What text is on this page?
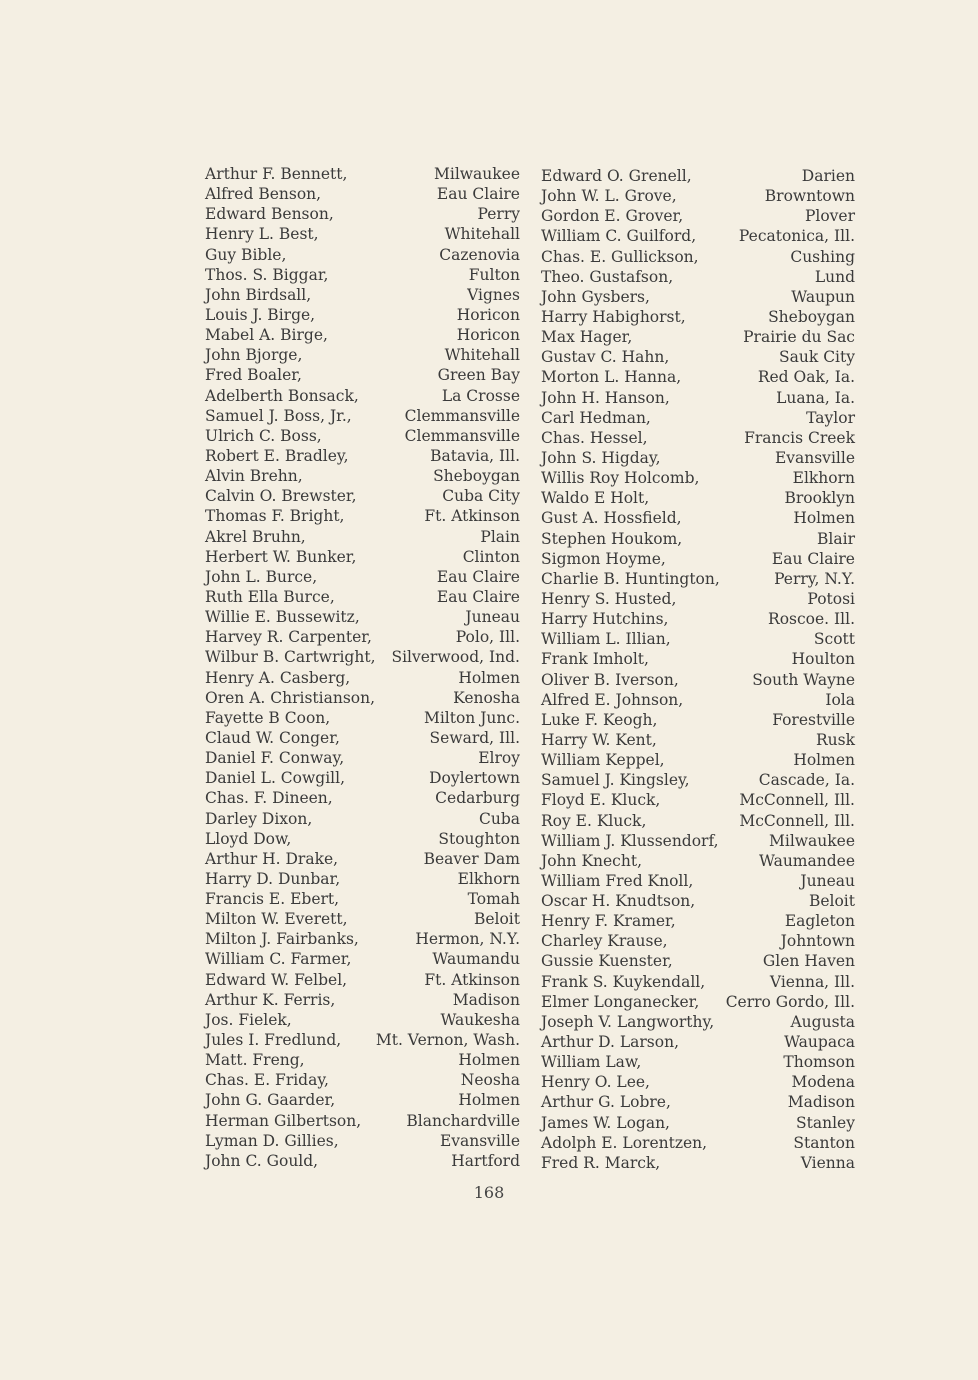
Arthur F. Bennett,	Milwaukee
Alfred Benson,	Eau Claire
Edward Benson,	Perry
Henry L. Best,	Whitehall
Guy Bible,	Cazenovia
Thos. S. Biggar,	Fulton
John Birdsall,	Vignes
Louis J. Birge,	Horicon
Mabel A. Birge,	Horicon
John Bjorge,	Whitehall
Fred Boaler,	Green Bay
Adelberth Bonsack,	La Crosse
Samuel J. Boss, Jr.,	Clemmansville
Ulrich C. Boss,	Clemmansville
Robert E. Bradley,	Batavia, Ill.
Alvin Brehn,	Sheboygan
Calvin O. Brewster,	Cuba City
Thomas F. Bright,	Ft. Atkinson
Akrel Bruhn,	Plain
Herbert W. Bunker,	Clinton
John L. Burce,	Eau Claire
Ruth Ella Burce,	Eau Claire
Willie E. Bussewitz,	Juneau
Harvey R. Carpenter,	Polo, Ill.
Wilbur B. Cartwright, Silverwood, Ind.
Henry A. Casberg,	Holmen
Oren A. Christianson,	Kenosha
Fayette B Coon,	Milton Junc.
Claud W. Conger,	Seward, Ill.
Daniel F. Conway,	Elroy
Daniel L. Cowgill,	Doylertown
Chas. F. Dineen,	Cedarburg
Darley Dixon,	Cuba
Lloyd Dow,	Stoughton
Arthur H. Drake,	Beaver Dam
Harry D. Dunbar,	Elkhorn
Francis E. Ebert,	Tomah
Milton W. Everett,	Beloit
Milton J. Fairbanks,	Hermon, N.Y.
William C. Farmer,	Waumandu
Edward W. Felbel,	Ft. Atkinson
Arthur K. Ferris,	Madison
Jos. Fielek,	Waukesha
Jules I. Fredlund, Mt. Vernon, Wash.
Matt. Freng,	Holmen
Chas. E. Friday,	Neosha
John G. Gaarder,	Holmen
Herman Gilbertson,	Blanchardville
Lyman D. Gillies,	Evansville
John C. Gould,	Hartford
Edward O. Grenell,	Darien
John W. L. Grove,	Browntown
Gordon E. Grover,	Plover
William C. Guilford,	Pecatonica, Ill.
Chas. E. Gullickson,	Cushing
Theo. Gustafson,	Lund
John Gysbers,	Waupun
Harry Habighorst,	Sheboygan
Max Hager,	Prairie du Sac
Gustav C. Hahn,	Sauk City
Morton L. Hanna,	Red Oak, Ia.
John H. Hanson,	Luana, Ia.
Carl Hedman,	Taylor
Chas. Hessel,	Francis Creek
John S. Higday,	Evansville
Willis Roy Holcomb,	Elkhorn
Waldo E Holt,	Brooklyn
Gust A. Hossfield,	Holmen
Stephen Houkom,	Blair
Sigmon Hoyme,	Eau Claire
Charlie B. Huntington,	Perry, N.Y.
Henry S. Husted,	Potosi
Harry Hutchins,	Roscoe. Ill.
William L. Illian,	Scott
Frank Imholt,	Houlton
Oliver B. Iverson,	South Wayne
Alfred E. Johnson,	Iola
Luke F. Keogh,	Forestville
Harry W. Kent,	Rusk
William Keppel,	Holmen
Samuel J. Kingsley,	Cascade, Ia.
Floyd E. Kluck,	McConnell, Ill.
Roy E. Kluck,	McConnell, Ill.
William J. Klussendorf,	Milwaukee
John Knecht,	Waumandee
William Fred Knoll,	Juneau
Oscar H. Knudtson,	Beloit
Henry F. Kramer,	Eagleton
Charley Krause,	Johntown
Gussie Kuenster,	Glen Haven
Frank S. Kuykendall,	Vienna, Ill.
Elmer Longanecker, Cerro Gordo, Ill.
Joseph V. Langworthy,	Augusta
Arthur D. Larson,	Waupaca
William Law,	Thomson
Henry O. Lee,	Modena
Arthur G. Lobre,	Madison
James W. Logan,	Stanley
Adolph E. Lorentzen,	Stanton
Fred R. Marck,	Vienna
168
